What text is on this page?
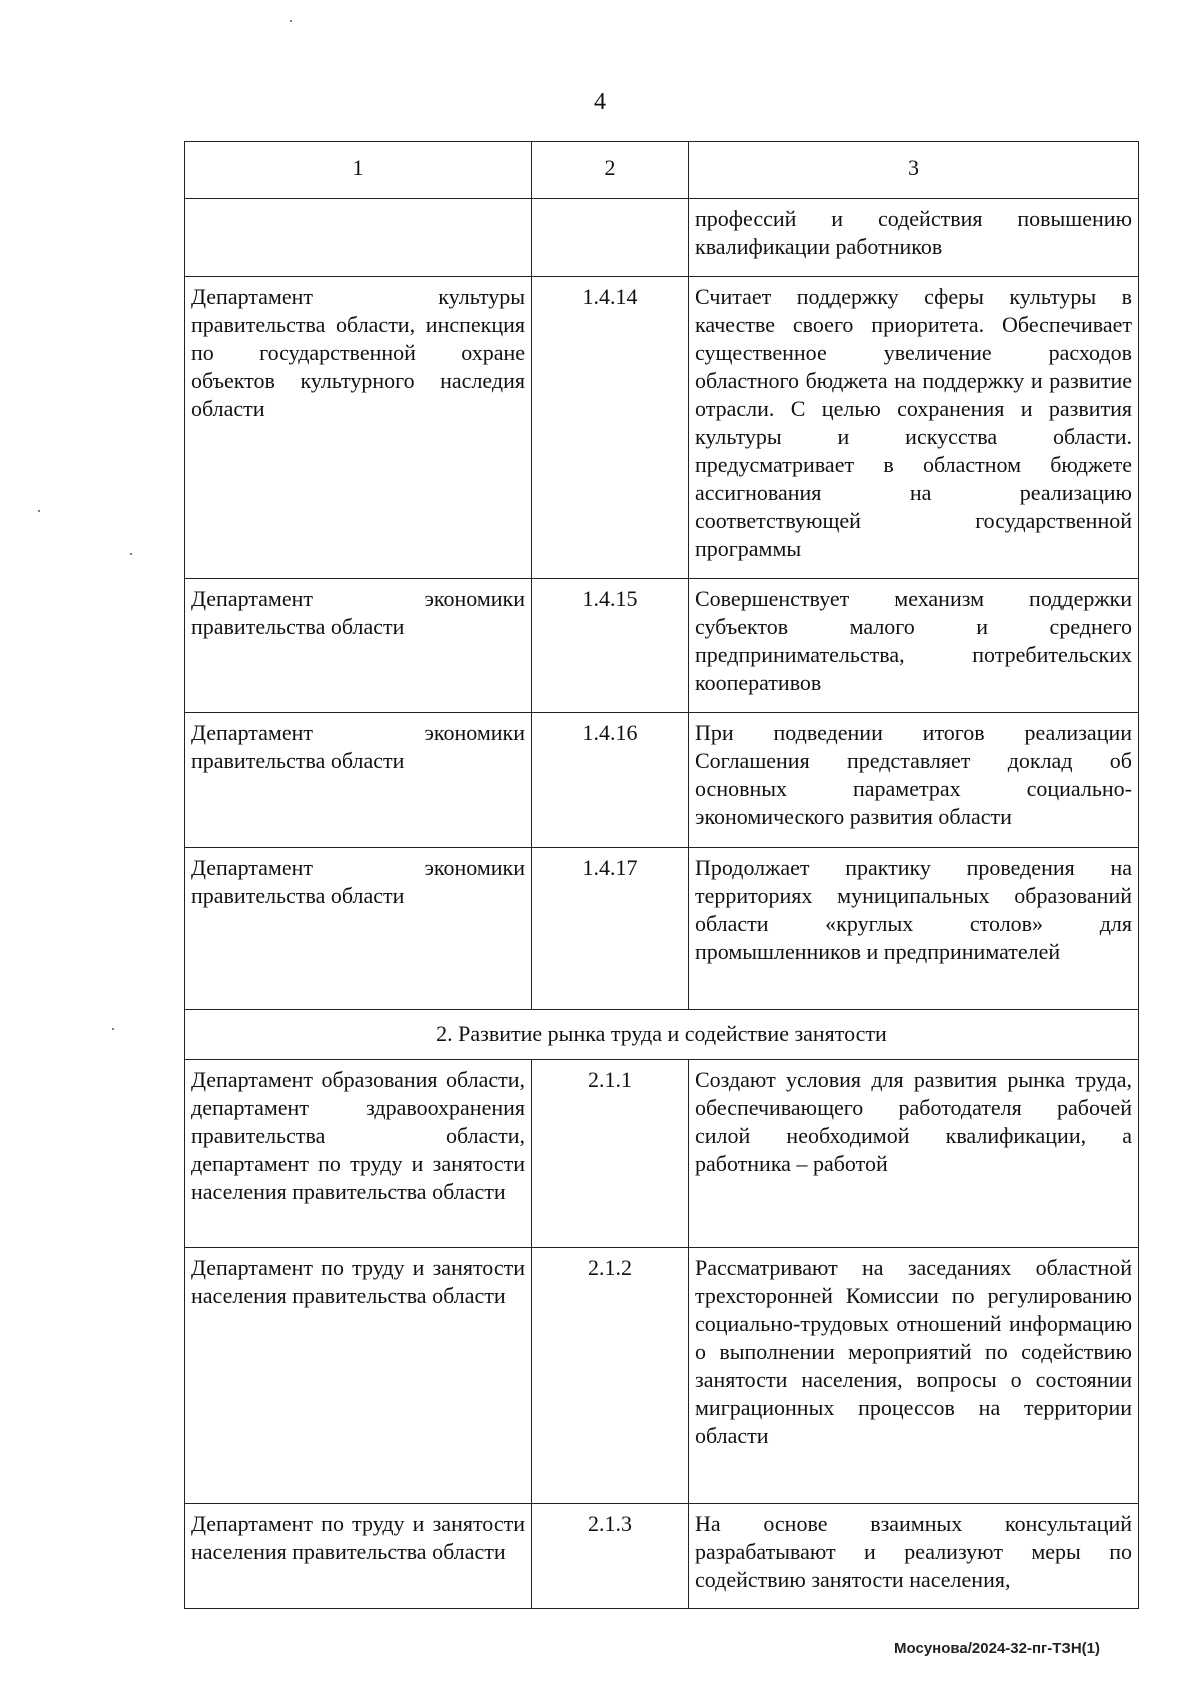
4
1	2	3
		профессий и содействия повышению квалификации работников
Департамент культуры правительства области, инспекция по государственной охране объектов культурного наследия области	1.4.14	Считает поддержку сферы культуры в качестве своего приоритета. Обеспечивает существенное увеличение расходов областного бюджета на поддержку и развитие отрасли. С целью сохранения и развития культуры и искусства области. предусматривает в областном бюджете ассигнования на реализацию соответствующей государственной программы
Департамент экономики правительства области	1.4.15	Совершенствует механизм поддержки субъектов малого и среднего предпринимательства, потребительских кооперативов
Департамент экономики правительства области	1.4.16	При подведении итогов реализации Соглашения представляет доклад об основных параметрах социально-экономического развития области
Департамент экономики правительства области	1.4.17	Продолжает практику проведения на территориях муниципальных образований области «круглых столов» для промышленников и предпринимателей
2. Развитие рынка труда и содействие занятости		
Департамент образования области, департамент здравоохранения правительства области, департамент по труду и занятости населения правительства области	2.1.1	Создают условия для развития рынка труда, обеспечивающего работодателя рабочей силой необходимой квалификации, а работника – работой
Департамент по труду и занятости населения правительства области	2.1.2	Рассматривают на заседаниях областной трехсторонней Комиссии по регулированию социально-трудовых отношений информацию о выполнении мероприятий по содействию занятости населения, вопросы о состоянии миграционных процессов на территории области
Департамент по труду и занятости населения правительства области	2.1.3	На основе взаимных консультаций разрабатывают и реализуют меры по содействию занятости населения,
Мосунова/2024-32-пг-ТЗН(1)
